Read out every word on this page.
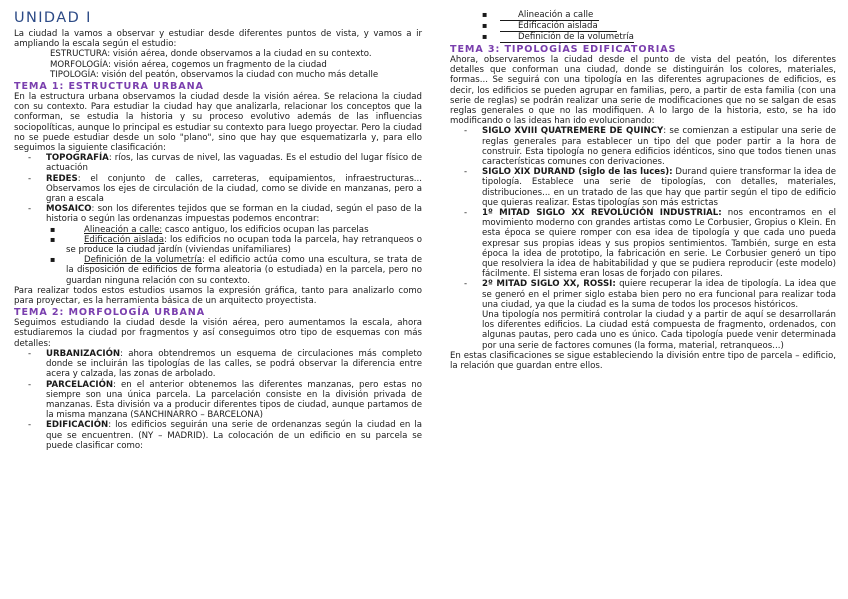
UNIDAD I

La ciudad la vamos a observar y estudiar desde diferentes puntos de vista, y vamos a ir ampliando la escala según el estudio:

ESTRUCTURA: visión aérea, donde observamos a la ciudad en su contexto.

MORFOLOGÍA: visión aérea, cogemos un fragmento de la ciudad

TIPOLOGÍA: visión del peatón, observamos la ciudad con mucho más detalle

TEMA 1: ESTRUCTURA URBANA

En la estructura urbana observamos la ciudad desde la visión aérea. Se relaciona la ciudad con su contexto. Para estudiar la ciudad hay que analizarla, relacionar los conceptos que la conforman, se estudia la historia y su proceso evolutivo además de las influencias sociopolíticas, aunque lo principal es estudiar su contexto para luego proyectar. Pero la ciudad no se puede estudiar desde un solo "plano", sino que hay que esquematizarla y, para ello seguimos la siguiente clasificación:

- TOPOGRAFÍA: ríos, las curvas de nivel, las vaguadas. Es el estudio del lugar físico de actuación
- REDES: el conjunto de calles, carreteras, equipamientos, infraestructuras... Observamos los ejes de circulación de la ciudad, como se divide en manzanas, pero a gran a escala
- MOSAICO: son los diferentes tejidos que se forman en la ciudad, según el paso de la historia o según las ordenanzas impuestas podemos encontrar:
▪ Alineación a calle: casco antiguo, los edificios ocupan las parcelas
▪ Edificación aislada: los edificios no ocupan toda la parcela, hay retranqueos o se produce la ciudad jardín (viviendas unifamiliares)
▪ Definición de la volumetría: el edificio actúa como una escultura, se trata de la disposición de edificios de forma aleatoria (o estudiada) en la parcela, pero no guardan ninguna relación con su contexto.

Para realizar todos estos estudios usamos la expresión gráfica, tanto para analizarlo como para proyectar, es la herramienta básica de un arquitecto proyectista.

TEMA 2: MORFOLOGÍA URBANA

Seguimos estudiando la ciudad desde la visión aérea, pero aumentamos la escala, ahora estudiaremos la ciudad por fragmentos y así conseguimos otro tipo de esquemas con más detalles:

- URBANIZACIÓN: ahora obtendremos un esquema de circulaciones más completo donde se incluirán las tipologías de las calles, se podrá observar la diferencia entre acera y calzada, las zonas de arbolado.
- PARCELACIÓN: en el anterior obtenemos las diferentes manzanas, pero estas no siempre son una única parcela. La parcelación consiste en la división privada de manzanas. Esta división va a producir diferentes tipos de ciudad, aunque partamos de la misma manzana (SANCHINARRO – BARCELONA)
- EDIFICACIÓN: los edificios seguirán una serie de ordenanzas según la ciudad en la que se encuentren. (NY – MADRID). La colocación de un edificio en su parcela se puede clasificar como:
▪ Alineación a calle
▪ Edificación aislada
▪ Definición de la volumetría
TEMA 3: TIPOLOGÍAS EDIFICATORIAS

Ahora, observaremos la ciudad desde el punto de vista del peatón, los diferentes detalles que conforman una ciudad, donde se distinguirán los colores, materiales, formas... Se seguirá con una tipología en las diferentes agrupaciones de edificios, es decir, los edificios se pueden agrupar en familias, pero, a partir de esta familia (con una serie de reglas) se podrán realizar una serie de modificaciones que no se salgan de esas reglas generales o que no las modifiquen. A lo largo de la historia, esto, se ha ido modificando o las ideas han ido evolucionando:

- SIGLO XVIII QUATREMERE DE QUINCY: se comienzan a estipular una serie de reglas generales para establecer un tipo del que poder partir a la hora de construir. Esta tipología no genera edificios idénticos, sino que todos tienen unas características comunes con derivaciones.
- SIGLO XIX DURAND (siglo de las luces): Durand quiere transformar la idea de tipología. Establece una serie de tipologías, con detalles, materiales, distribuciones... en un tratado de las que hay que partir según el tipo de edificio que quieras realizar. Estas tipologías son más estrictas
- 1º MITAD SIGLO XX REVOLUCIÓN INDUSTRIAL: nos encontramos en el movimiento moderno con grandes artistas como Le Corbusier, Gropius o Klein. En esta época se quiere romper con esa idea de tipología y que cada uno pueda expresar sus propias ideas y sus propios sentimientos. También, surge en esta época la idea de prototipo, la fabricación en serie. Le Corbusier generó un tipo que resolviera la idea de habitabilidad y que se pudiera reproducir (este modelo) fácilmente. El sistema eran losas de forjado con pilares.
- 2º MITAD SIGLO XX, ROSSI: quiere recuperar la idea de tipología. La idea que se generó en el primer siglo estaba bien pero no era funcional para realizar toda una ciudad, ya que la ciudad es la suma de todos los procesos históricos.

Una tipología nos permitirá controlar la ciudad y a partir de aquí se desarrollarán los diferentes edificios. La ciudad está compuesta de fragmento, ordenados, con algunas pautas, pero cada uno es único. Cada tipología puede venir determinada por una serie de factores comunes (la forma, material, retranqueos...)

En estas clasificaciones se sigue estableciendo la división entre tipo de parcela – edificio, la relación que guardan entre ellos.
